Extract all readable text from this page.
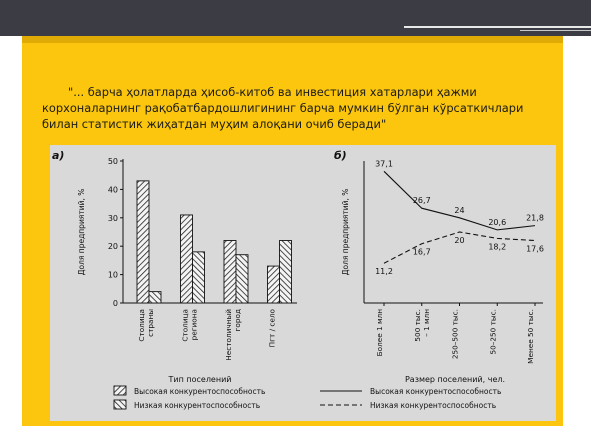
"... барча ҳолатларда ҳисоб-китоб ва инвестиция хатарлари ҳажми
корхоналарнинг рақобатбардошлигининг барча мумкин бўлган кўрсаткичлари
билан статистик жиҳатдан муҳим алоқани очиб беради"

а)
Доля предприятий, %
0
10
20
30
40
50
Столица страны	Столица региона	Нестоличный город	Пгт / село
Тип поселений
б)
Доля предприятий, %
37,1
26,7
24
20,6 21,8
11,2
16,7
20
18,2 17,6
Более 1 млн	500 тыс. – 1 млн	250–500 тыс.	50–250 тыс.	Менее 50 тыс.
Размер поселений, чел.
Высокая конкурентоспособность
Низкая конкурентоспособность
Высокая конкурентоспособность
Низкая конкурентоспособность
